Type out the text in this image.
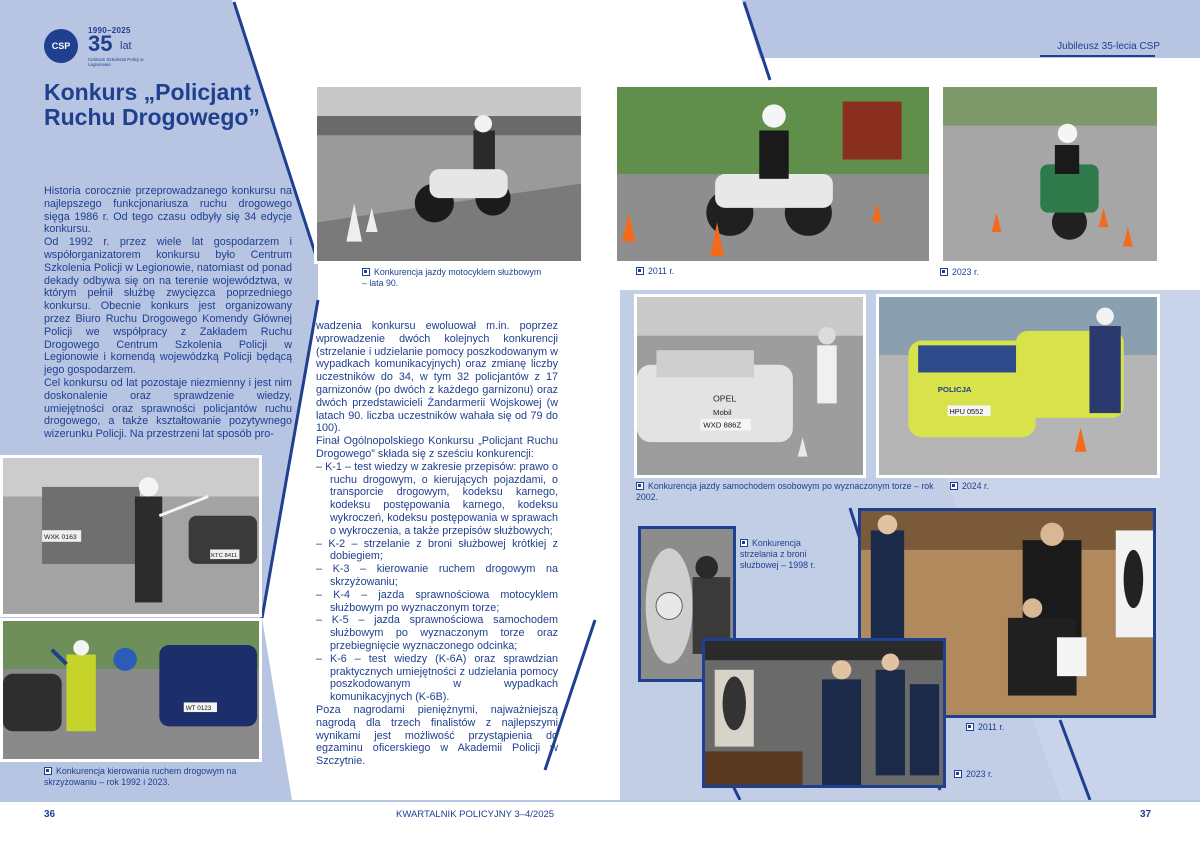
CSP
1990–2025
35 lat
Centrum Szkolenia Policji w Legionowie
Jubileusz 35-lecia CSP
Konkurs „Policjant Ruchu Drogowego”

Historia corocznie przeprowadzanego konkursu na najlepszego funkcjonariusza ruchu drogowego sięga 1986 r. Od tego czasu odbyły się 34 edycje konkursu.

Od 1992 r. przez wiele lat gospodarzem i współorganizatorem konkursu było Centrum Szkolenia Policji w Legionowie, natomiast od ponad dekady odbywa się on na terenie województwa, w którym pełnił służbę zwycięzca poprzedniego konkursu. Obecnie konkurs jest organizowany przez Biuro Ruchu Drogowego Komendy Głównej Policji we współpracy z Zakładem Ruchu Drogowego Centrum Szkolenia Policji w Legionowie i komendą wojewódzką Policji będącą jego gospodarzem.

Cel konkursu od lat pozostaje niezmienny i jest nim doskonalenie oraz sprawdzenie wiedzy, umiejętności oraz sprawności policjantów ruchu drogowego, a także kształtowanie pozytywnego wizerunku Policji. Na przestrzeni lat sposób pro-

wadzenia konkursu ewoluował m.in. poprzez wprowadzenie dwóch kolejnych konkurencji (strzelanie i udzielanie pomocy poszkodowanym w wypadkach komunikacyjnych) oraz zmianę liczby uczestników do 34, w tym 32 policjantów z 17 garnizonów (po dwóch z każdego garnizonu) oraz dwóch przedstawicieli Żandarmerii Wojskowej (w latach 90. liczba uczestników wahała się od 79 do 100).

Finał Ogólnopolskiego Konkursu „Policjant Ruchu Drogowego” składa się z sześciu konkurencji:

– K-1 – test wiedzy w zakresie przepisów: prawo o ruchu drogowym, o kierujących pojazdami, o transporcie drogowym, kodeksu karnego, kodeksu postępowania karnego, kodeksu wykroczeń, kodeksu postępowania w sprawach o wykroczenia, a także przepisów służbowych;
– K-2 – strzelanie z broni służbowej krótkiej z dobiegiem;
– K-3 – kierowanie ruchem drogowym na skrzyżowaniu;
– K-4 – jazda sprawnościowa motocyklem służbowym po wyznaczonym torze;
– K-5 – jazda sprawnościowa samochodem służbowym po wyznaczonym torze oraz przebiegnięcie wyznaczonego odcinka;
– K-6 – test wiedzy (K-6A) oraz sprawdzian praktycznych umiejętności z udzielania pomocy poszkodowanym w wypadkach komunikacyjnych (K-6B).

Poza nagrodami pieniężnymi, najważniejszą nagrodą dla trzech finalistów z najlepszymi wynikami jest możliwość przystąpienia do egzaminu oficerskiego w Akademii Policji w Szczytnie.

Konkurencja jazdy motocyklem służbowym – lata 90.
2011 r.	2023 r.
OPEL
Mobil
WXD 886Z
Konkurencja jazdy samochodem osobowym po wyznaczonym torze – rok 2002.
POLICJA
HPU 0552
2024 r.
WXK 0163
KTC 8411
WT 0123
Konkurencja kierowania ruchem drogowym na skrzyżowaniu – rok 1992 i 2023.
Konkurencja strzelania z broni służbowej – 1998 r.
2011 r.
2023 r.
36	KWARTALNIK POLICYJNY 3–4/2025	37
